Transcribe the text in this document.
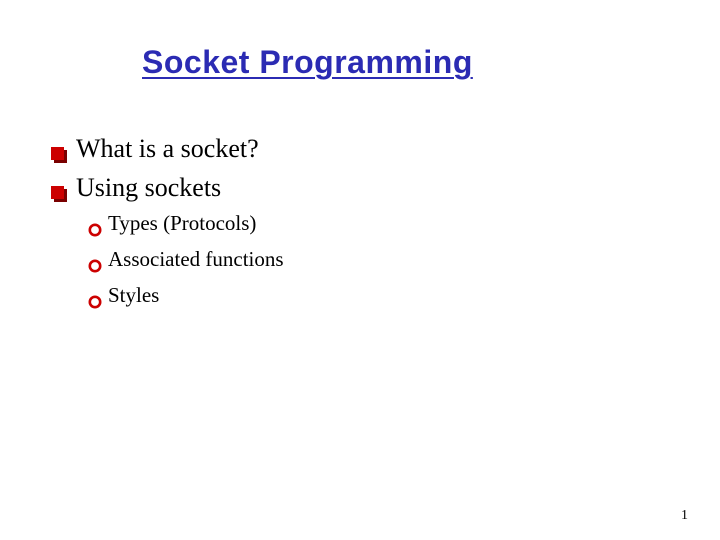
Socket Programming
What is a socket?
Using sockets
Types (Protocols)
Associated functions
Styles
1
